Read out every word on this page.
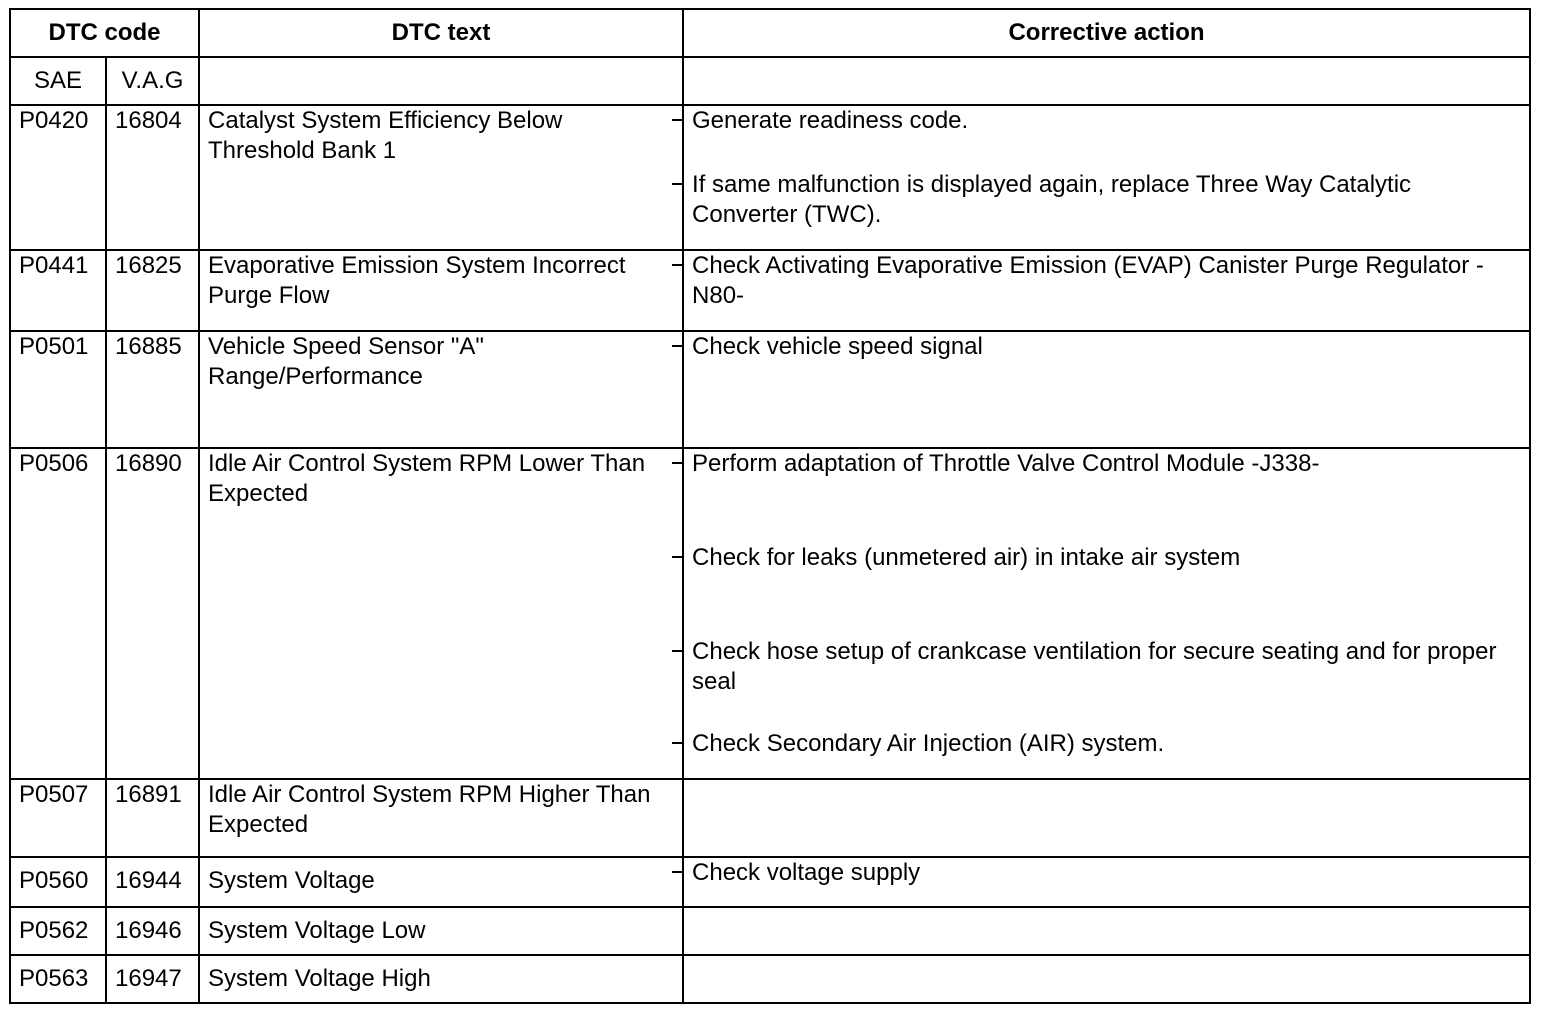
DTC code		DTC text	Corrective action
SAE	V.A.G		
P0420	16804	Catalyst System Efficiency Below Threshold Bank 1	Generate readiness code.
If same malfunction is displayed again, replace Three Way Catalytic Converter (TWC).

P0441	16825	Evaporative Emission System Incorrect Purge Flow	Check Activating Evaporative Emission (EVAP) Canister Purge Regulator -N80-

P0501	16885	Vehicle Speed Sensor "A" Range/Performance	Check vehicle speed signal

P0506	16890	Idle Air Control System RPM Lower Than Expected	Perform adaptation of Throttle Valve Control Module -J338-
Check for leaks (unmetered air) in intake air system
Check hose setup of crankcase ventilation for secure seating and for proper seal
Check Secondary Air Injection (AIR) system.

P0507	16891	Idle Air Control System RPM Higher Than Expected	
P0560	16944	System Voltage	Check voltage supply

P0562	16946	System Voltage Low	
P0563	16947	System Voltage High	
